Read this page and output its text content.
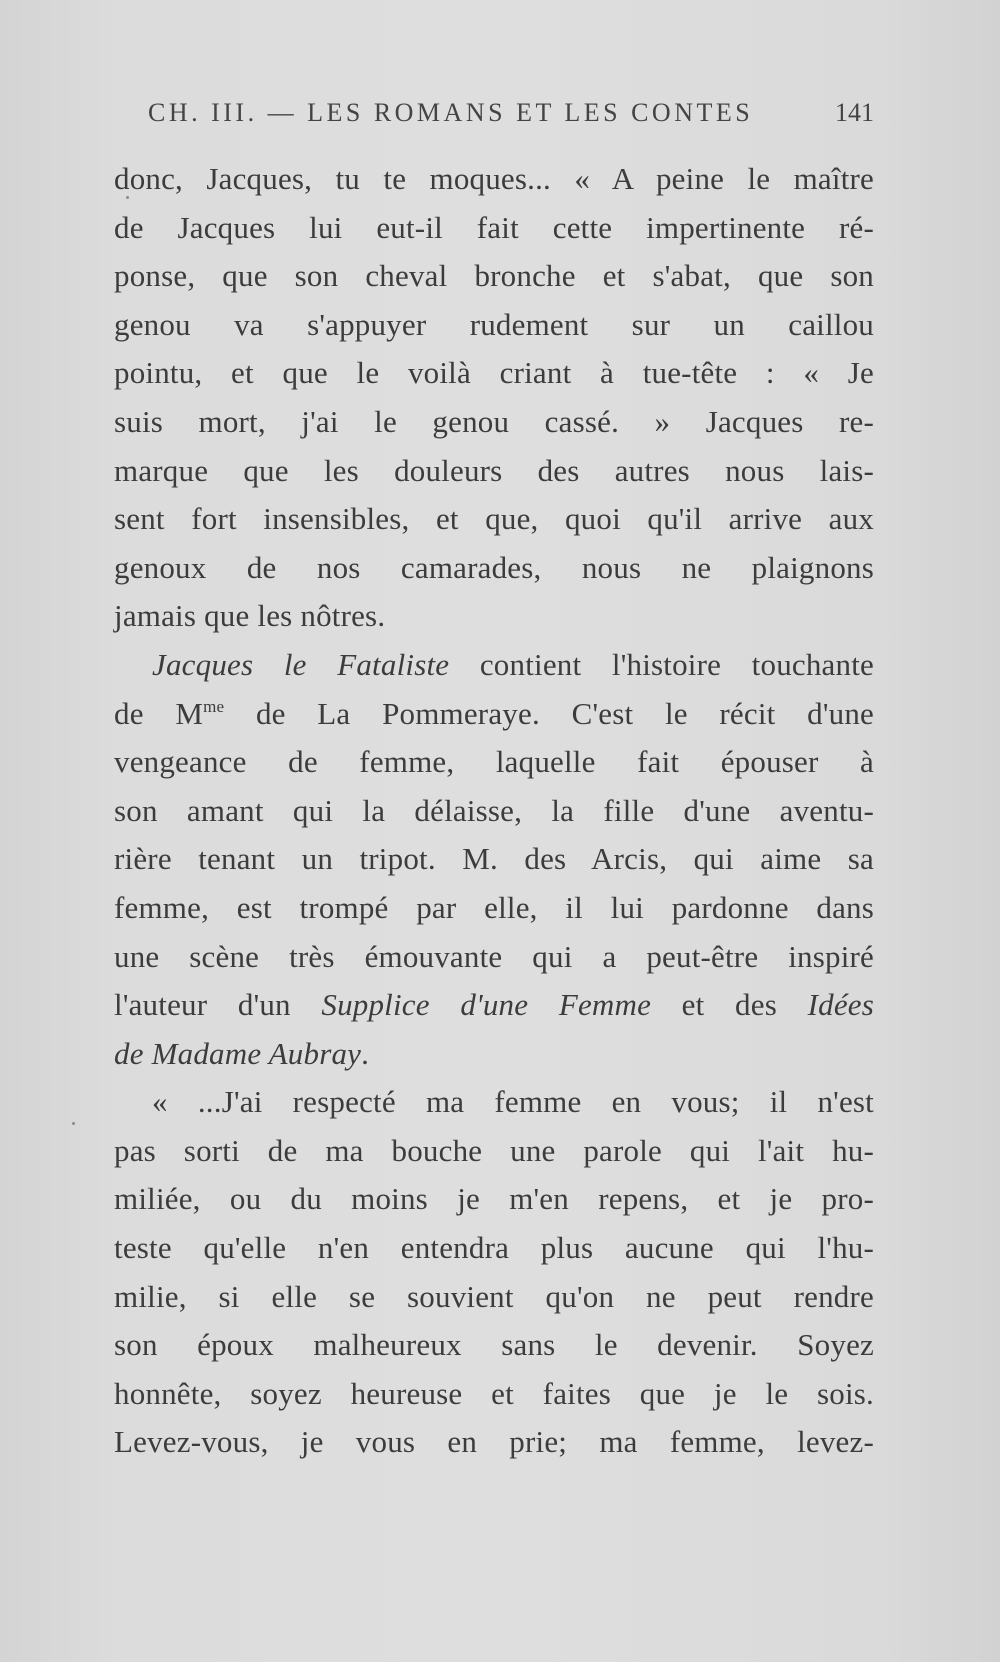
CH. III. — LES ROMANS ET LES CONTES	141
donc, Jacques, tu te moques... « A peine le maître
de Jacques lui eut-il fait cette impertinente ré-
ponse, que son cheval bronche et s'abat, que son
genou va s'appuyer rudement sur un caillou
pointu, et que le voilà criant à tue-tête : « Je
suis mort, j'ai le genou cassé. » Jacques re-
marque que les douleurs des autres nous lais-
sent fort insensibles, et que, quoi qu'il arrive aux
genoux de nos camarades, nous ne plaignons
jamais que les nôtres.
Jacques le Fataliste contient l'histoire touchante
de $M^{me}$ de La Pommeraye. C'est le récit d'une
vengeance de femme, laquelle fait épouser à
son amant qui la délaisse, la fille d'une aventu-
rière tenant un tripot. M. des Arcis, qui aime sa
femme, est trompé par elle, il lui pardonne dans
une scène très émouvante qui a peut-être inspiré
l'auteur d'un Supplice d'une Femme et des Idées
de Madame Aubray.
« ...J'ai respecté ma femme en vous; il n'est
pas sorti de ma bouche une parole qui l'ait hu-
miliée, ou du moins je m'en repens, et je pro-
teste qu'elle n'en entendra plus aucune qui l'hu-
milie, si elle se souvient qu'on ne peut rendre
son époux malheureux sans le devenir. Soyez
honnête, soyez heureuse et faites que je le sois.
Levez-vous, je vous en prie; ma femme, levez-
